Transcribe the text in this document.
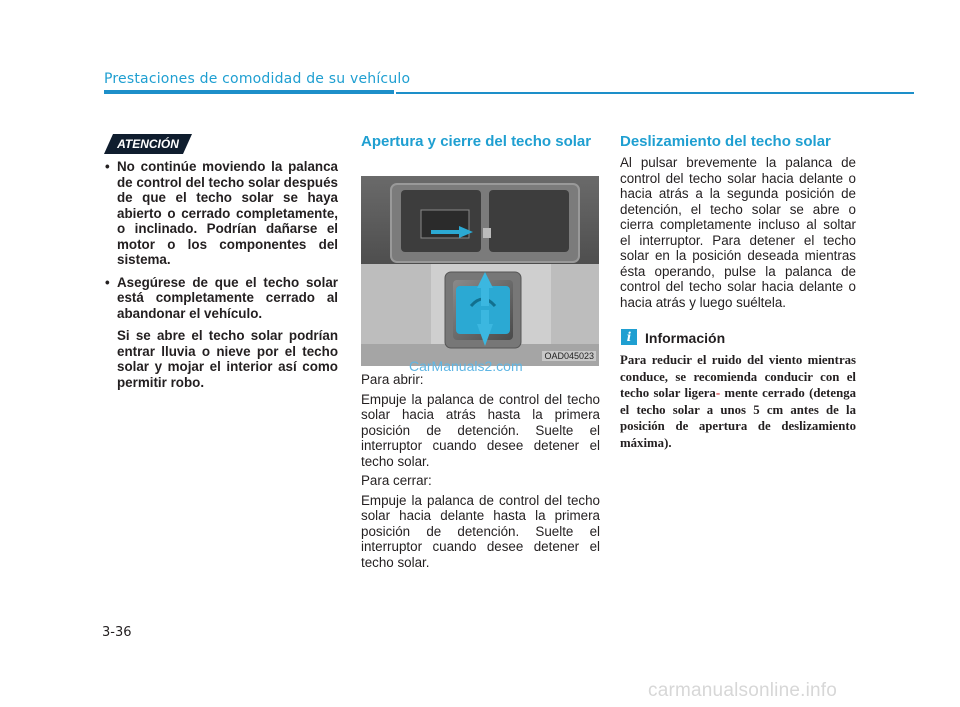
Prestaciones de comodidad de su vehículo
ATENCIÓN
• No continúe moviendo la palanca de control del techo solar después de que el techo solar se haya abierto o cerrado completamente, o inclinado. Podrían dañarse el motor o los componentes del sistema.
• Asegúrese de que el techo solar está completamente cerrado al abandonar el vehículo.
Si se abre el techo solar podrían entrar lluvia o nieve por el techo solar y mojar el interior así como permitir robo.
Apertura y cierre del techo solar
OAD045023
CarManuals2.com

Para abrir:

Empuje la palanca de control del techo solar hacia atrás hasta la primera posición de detención. Suelte el interruptor cuando desee detener el techo solar.

Para cerrar:

Empuje la palanca de control del techo solar hacia delante hasta la primera posición de detención. Suelte el interruptor cuando desee detener el techo solar.

Deslizamiento del techo solar
Al pulsar brevemente la palanca de control del techo solar hacia delante o hacia atrás a la segunda posición de detención, el techo solar se abre o cierra completamente incluso al soltar el interruptor. Para detener el techo solar en la posición deseada mientras ésta operando, pulse la palanca de control del techo solar hacia delante o hacia atrás y luego suéltela.
i Información
Para reducir el ruido del viento mientras conduce, se recomienda conducir con el techo solar ligera- mente cerrado (detenga el techo solar a unos 5 cm antes de la posición de apertura de deslizamiento máxima).
3-36
carmanualsonline.info
